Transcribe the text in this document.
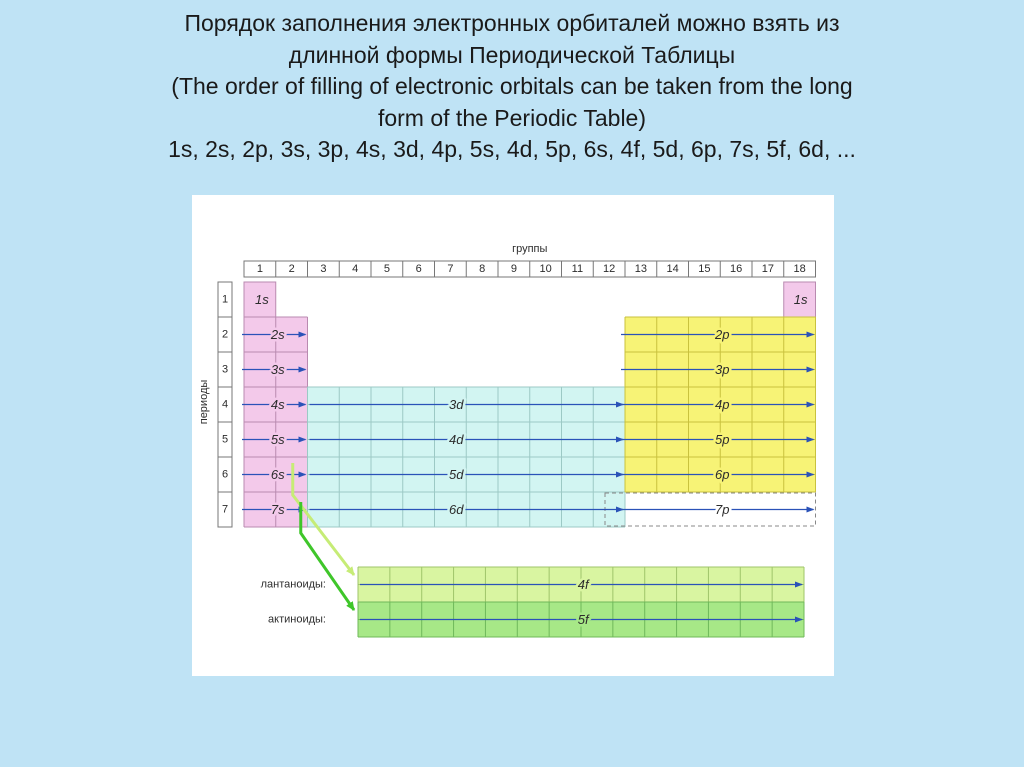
Порядок заполнения электронных орбиталей можно взять из
длинной формы Периодической Таблицы
(The order of filling of electronic orbitals can be taken from the long
form of the Periodic Table)
1s, 2s, 2p, 3s, 3p, 4s, 3d, 4p, 5s, 4d, 5p, 6s, 4f, 5d, 6p, 7s, 5f, 6d, ...
группы
1 2 3 4 5 6 7 8 9 10 11 12 13 14 15 16 17 18
1
2
3
4
5
6
7
периоды
1s	1s
2s
3s
4s
5s
6s
7s
3d
4d
5d
6d
2p
3p
4p
5p
6p
7p
4f
лантаноиды:
5f
актиноиды:
